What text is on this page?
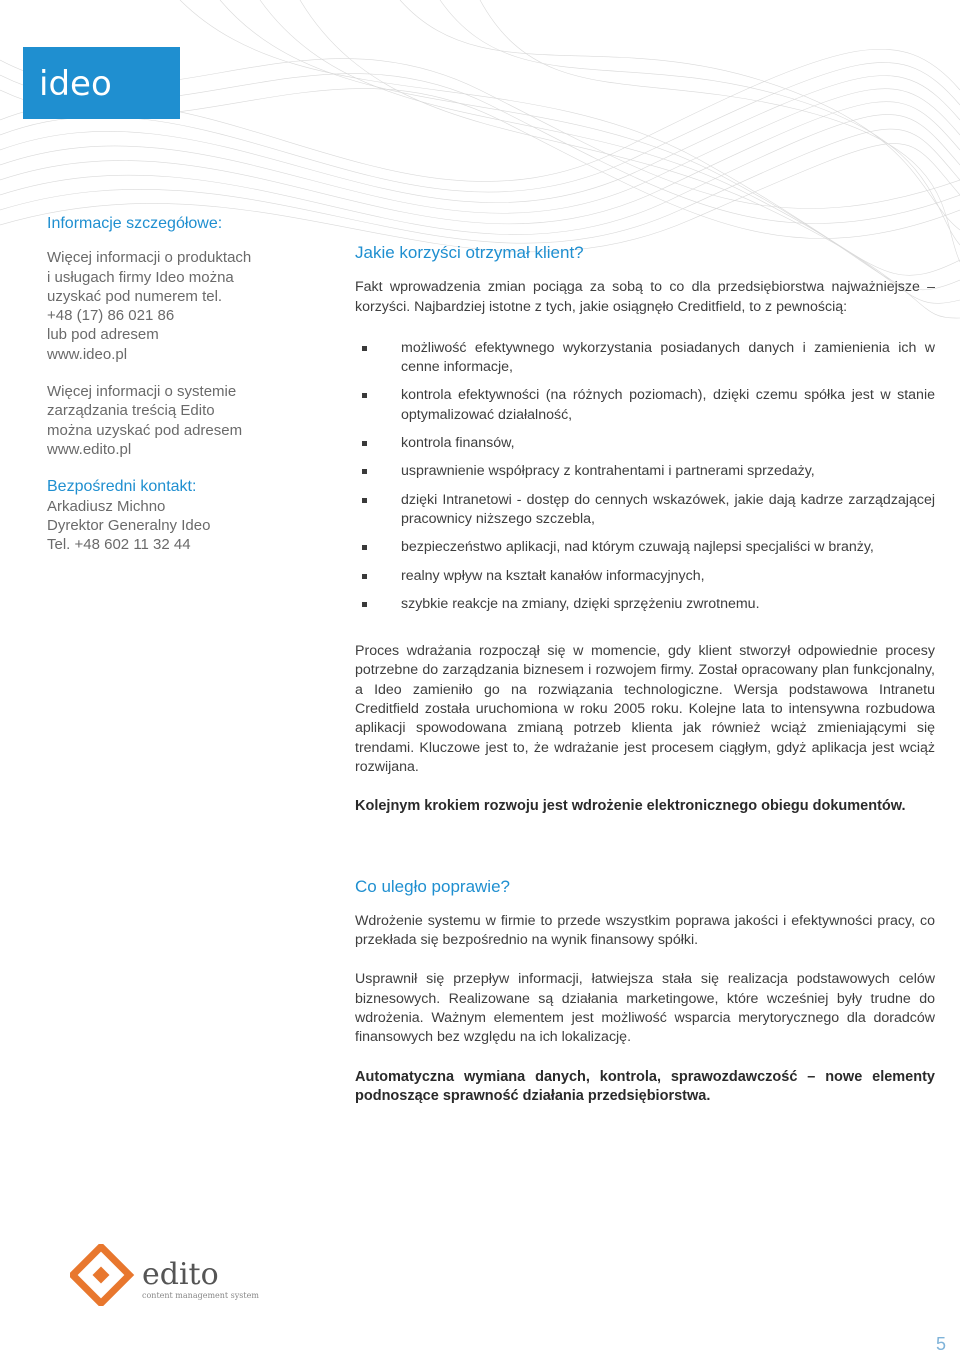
ideo
Informacje szczegółowe:
Więcej informacji o produktach
i usługach firmy Ideo można
uzyskać pod numerem tel.
+48 (17) 86 021 86
lub pod adresem
www.ideo.pl
Więcej informacji o systemie
zarządzania treścią Edito
można uzyskać pod adresem
www.edito.pl
Bezpośredni kontakt:
Arkadiusz Michno
Dyrektor Generalny Ideo
Tel. +48 602 11 32 44
Jakie korzyści otrzymał klient?

Fakt wprowadzenia zmian pociąga za sobą to co dla przedsiębiorstwa najważniejsze – korzyści. Najbardziej istotne z tych, jakie osiągnęło Creditfield, to z pewnością:

możliwość efektywnego wykorzystania posiadanych danych i zamienienia ich w cenne informacje,
kontrola efektywności (na różnych poziomach), dzięki czemu spółka jest w stanie optymalizować działalność,
kontrola finansów,
usprawnienie współpracy z kontrahentami i partnerami sprzedaży,
dzięki Intranetowi - dostęp do cennych wskazówek, jakie dają kadrze zarządzającej pracownicy niższego szczebla,
bezpieczeństwo aplikacji, nad którym czuwają najlepsi specjaliści w branży,
realny wpływ na kształt kanałów informacyjnych,
szybkie reakcje na zmiany, dzięki sprzężeniu zwrotnemu.

Proces wdrażania rozpoczął się w momencie, gdy klient stworzył odpowiednie procesy potrzebne do zarządzania biznesem i rozwojem firmy. Został opracowany plan funkcjonalny, a Ideo zamieniło go na rozwiązania technologiczne. Wersja podstawowa Intranetu Creditfield została uruchomiona w roku 2005 roku. Kolejne lata to intensywna rozbudowa aplikacji spowodowana zmianą potrzeb klienta jak również wciąż zmieniającymi się trendami. Kluczowe jest to, że wdrażanie jest procesem ciągłym, gdyż aplikacja jest wciąż rozwijana.

Kolejnym krokiem rozwoju jest wdrożenie elektronicznego obiegu dokumentów.

Co uległo poprawie?

Wdrożenie systemu w firmie to przede wszystkim poprawa jakości i efektywności pracy, co przekłada się bezpośrednio na wynik finansowy spółki.

Usprawnił się przepływ informacji, łatwiejsza stała się realizacja podstawowych celów biznesowych. Realizowane są działania marketingowe, które wcześniej były trudne do wdrożenia. Ważnym elementem jest możliwość wsparcia merytorycznego dla doradców finansowych bez względu na ich lokalizację.

Automatyczna wymiana danych, kontrola, sprawozdawczość – nowe elementy podnoszące sprawność działania przedsiębiorstwa.

edito
content management system
5
